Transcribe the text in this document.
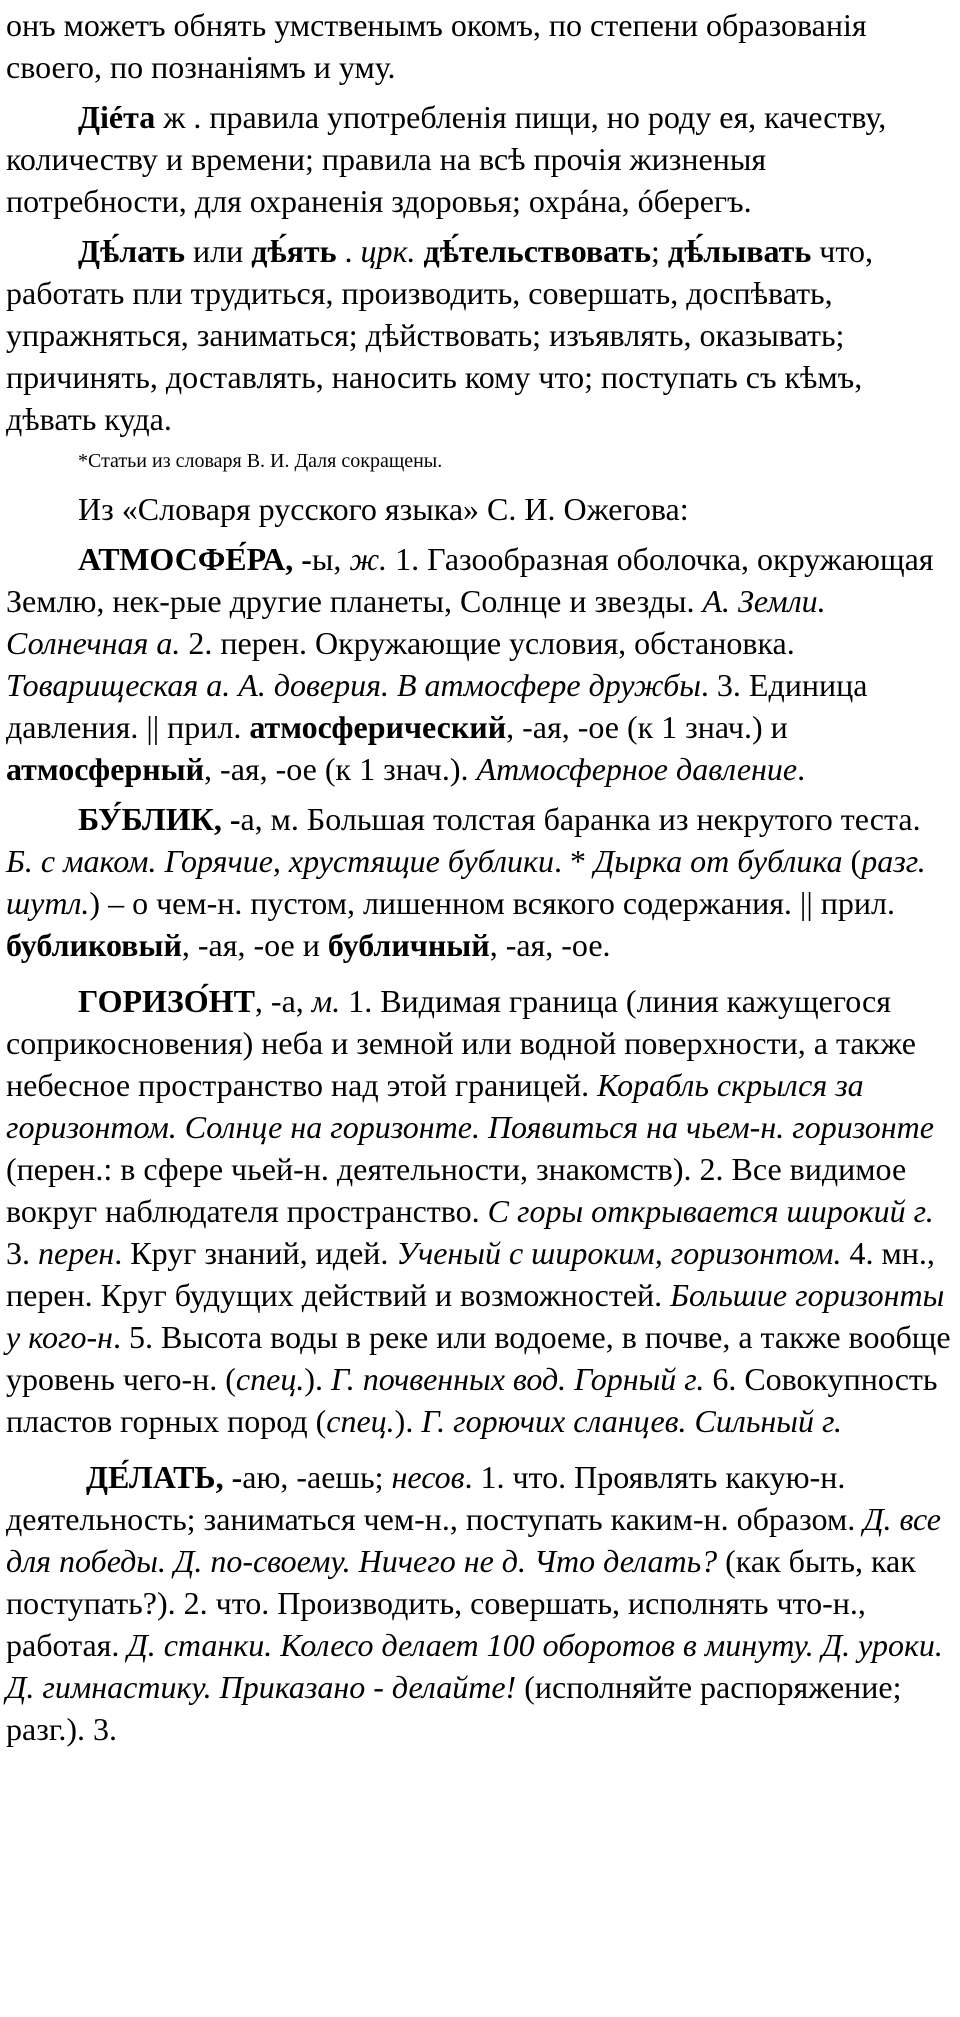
онъ можетъ обнять умственымъ окомъ, по степени образованія своего, по познаніямъ и уму.

Діéта ж . правила употребленія пищи, но роду ея, качеству, количеству и времени; правила на всѣ прочія жизненыя потребности, для охраненія здоровья; охрáна, óберегъ.

Дѣ́лать или дѣ́ять . црк. дѣ́тельствовать; дѣ́лывать что, работать пли трудиться, производить, совершать, доспѣвать, упражняться, заниматься; дѣйствовать; изъявлять, оказывать; причинять, доставлять, наносить кому что; поступать съ кѣмъ, дѣвать куда.

*Статьи из словаря В. И. Даля сокращены.

Из «Словаря русского языка» С. И. Ожегова:

АТМОСФЕ́РА, -ы, ж. 1. Газообразная оболочка, окружающая Землю, нек-рые другие планеты, Солнце и звезды. А. Земли. Солнечная а. 2. перен. Окружающие условия, обстановка. Товарищеская а. А. доверия. В атмосфере дружбы. 3. Единица давления. || прил. атмосферический, -ая, -ое (к 1 знач.) и атмосферный, -ая, -ое (к 1 знач.). Атмосферное давление.

БУ́БЛИК, -а, м. Большая толстая баранка из некрутого теста. Б. с маком. Горячие, хрустящие бублики. * Дырка от бублика (разг. шутл.) – о чем-н. пустом, лишенном всякого содержания. || прил. бубликовый, -ая, -ое и бубличный, -ая, -ое.

ГОРИЗО́НТ, -а, м. 1. Видимая граница (линия кажущегося соприкосновения) неба и земной или водной поверхности, а также небесное пространство над этой границей. Корабль скрылся за горизонтом. Солнце на горизонте. Появиться на чьем-н. горизонте (перен.: в сфере чьей-н. деятельности, знакомств). 2. Все видимое вокруг наблюдателя пространство. С горы открывается широкий г. 3. перен. Круг знаний, идей. Ученый с широким, горизонтом. 4. мн., перен. Круг будущих действий и возможностей. Большие горизонты у кого-н. 5. Высота воды в реке или водоеме, в почве, а также вообще уровень чего-н. (спец.). Г. почвенных вод. Горный г. 6. Совокупность пластов горных пород (спец.). Г. горючих сланцев. Сильный г.

ДЕ́ЛАТЬ, -аю, -аешь; несов. 1. что. Проявлять какую-н. деятельность; заниматься чем-н., поступать каким-н. образом. Д. все для победы. Д. по-своему. Ничего не д. Что делать? (как быть, как поступать?). 2. что. Производить, совершать, исполнять что-н., работая. Д. станки. Колесо делает 100 оборотов в минуту. Д. уроки. Д. гимнастику. Приказано - делайте! (исполняйте распоряжение; разг.). 3.
